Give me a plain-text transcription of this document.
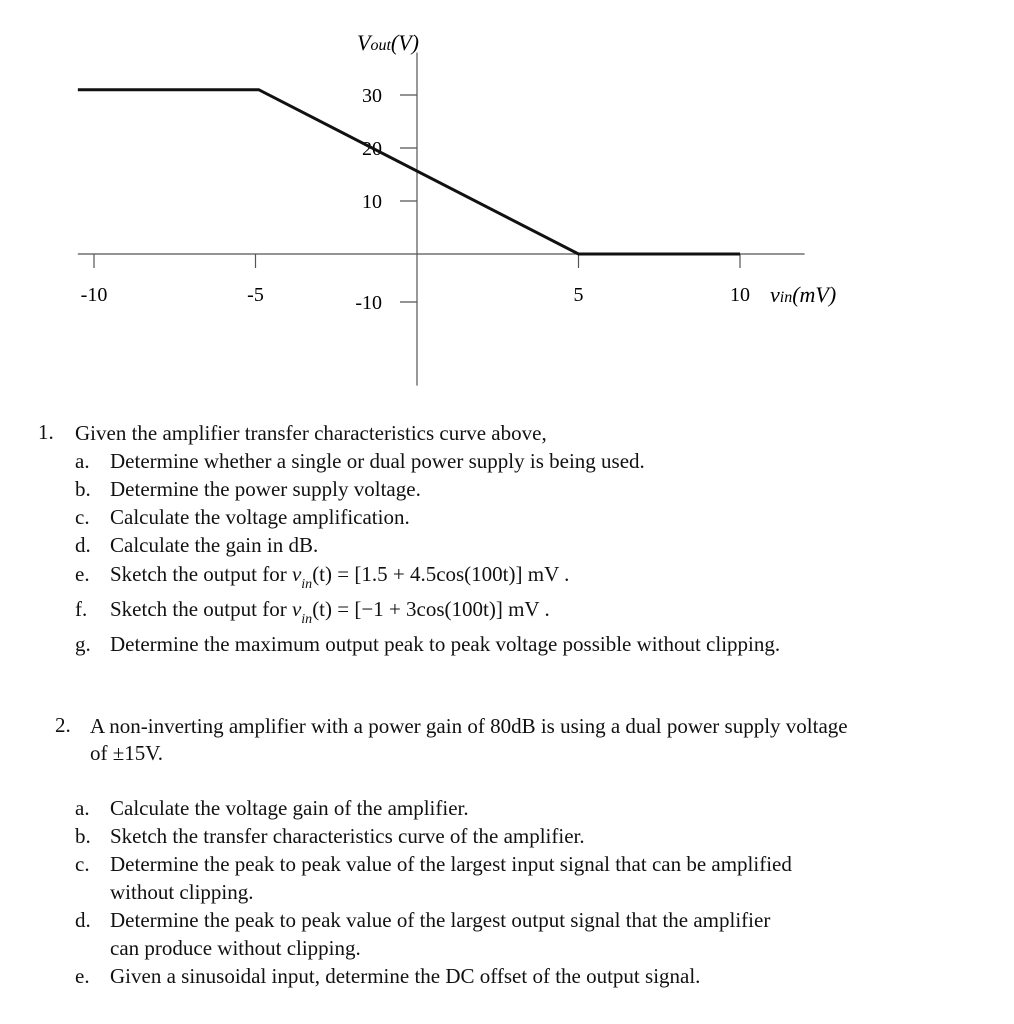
-10	-5	5	10
30
20
10
-10
Vout(V)
vin(mV)
1. Given the amplifier transfer characteristics curve above,
a. Determine whether a single or dual power supply is being used.
b. Determine the power supply voltage.
c. Calculate the voltage amplification.
d. Calculate the gain in dB.
e. Sketch the output for $v_{in}(t) = [1.5 + 4.5\cos(100t)]$ mV .
f. Sketch the output for $v_{in}(t) = [-1 + 3\cos(100t)]$ mV .
g. Determine the maximum output peak to peak voltage possible without clipping.
2. A non-inverting amplifier with a power gain of 80dB is using a dual power supply voltage
of ±15V.
a. Calculate the voltage gain of the amplifier.
b. Sketch the transfer characteristics curve of the amplifier.
c. Determine the peak to peak value of the largest input signal that can be amplified
without clipping.
d. Determine the peak to peak value of the largest output signal that the amplifier
can produce without clipping.
e. Given a sinusoidal input, determine the DC offset of the output signal.
